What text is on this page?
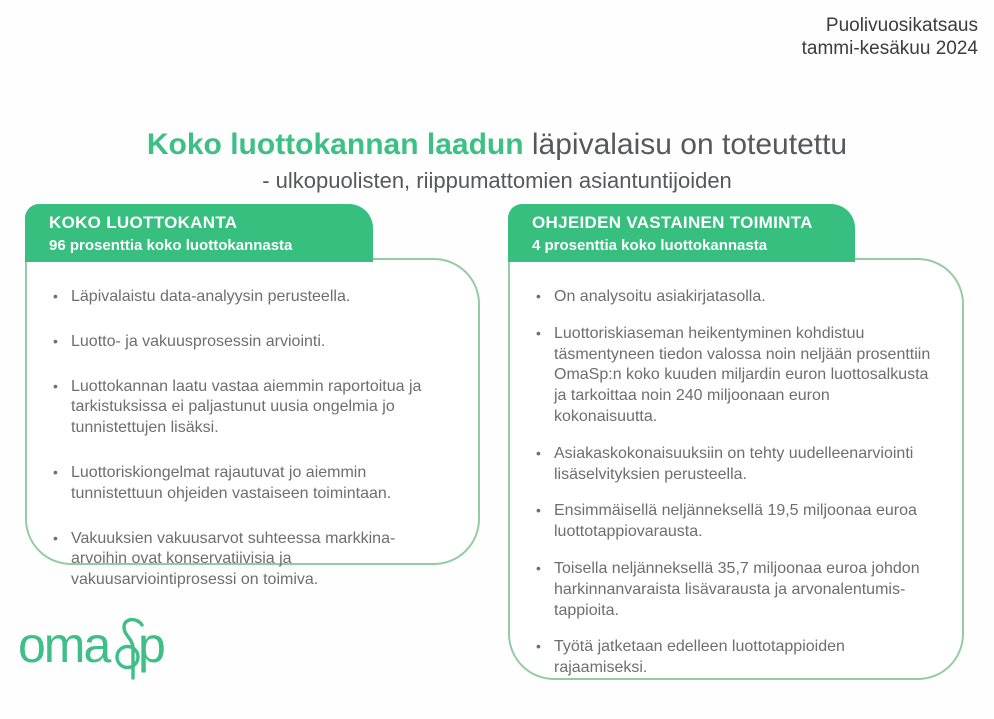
Puolivuosikatsaus
tammi-kesäkuu 2024
Koko luottokannan laadun läpivalaisu on toteutettu
- ulkopuolisten, riippumattomien asiantuntijoiden
KOKO LUOTTOKANTA
96 prosenttia koko luottokannasta
• Läpivalaistu data-analyysin perusteella.
• Luotto- ja vakuusprosessin arviointi.
• Luottokannan laatu vastaa aiemmin raportoitua ja tarkistuksissa ei paljastunut uusia ongelmia jo tunnistettujen lisäksi.
• Luottoriskiongelmat rajautuvat jo aiemmin tunnistettuun ohjeiden vastaiseen toimintaan.
• Vakuuksien vakuusarvot suhteessa markkina-arvoihin ovat konservatiivisia ja vakuusarviointiprosessi on toimiva.
OHJEIDEN VASTAINEN TOIMINTA
4 prosenttia koko luottokannasta
• On analysoitu asiakirjatasolla.
• Luottoriskiaseman heikentyminen kohdistuu täsmentyneen tiedon valossa noin neljään prosenttiin OmaSp:n koko kuuden miljardin euron luottosalkusta ja tarkoittaa noin 240 miljoonaan euron kokonaisuutta.
• Asiakaskokonaisuuksiin on tehty uudelleenarviointi lisäselvityksien perusteella.
• Ensimmäisellä neljänneksellä 19,5 miljoonaa euroa luottotappiovarausta.
• Toisella neljänneksellä 35,7 miljoonaa euroa johdon harkinnanvaraista lisävarausta ja arvonalentumis-tappioita.
• Työtä jatketaan edelleen luottotappioiden rajaamiseksi.
oma p
